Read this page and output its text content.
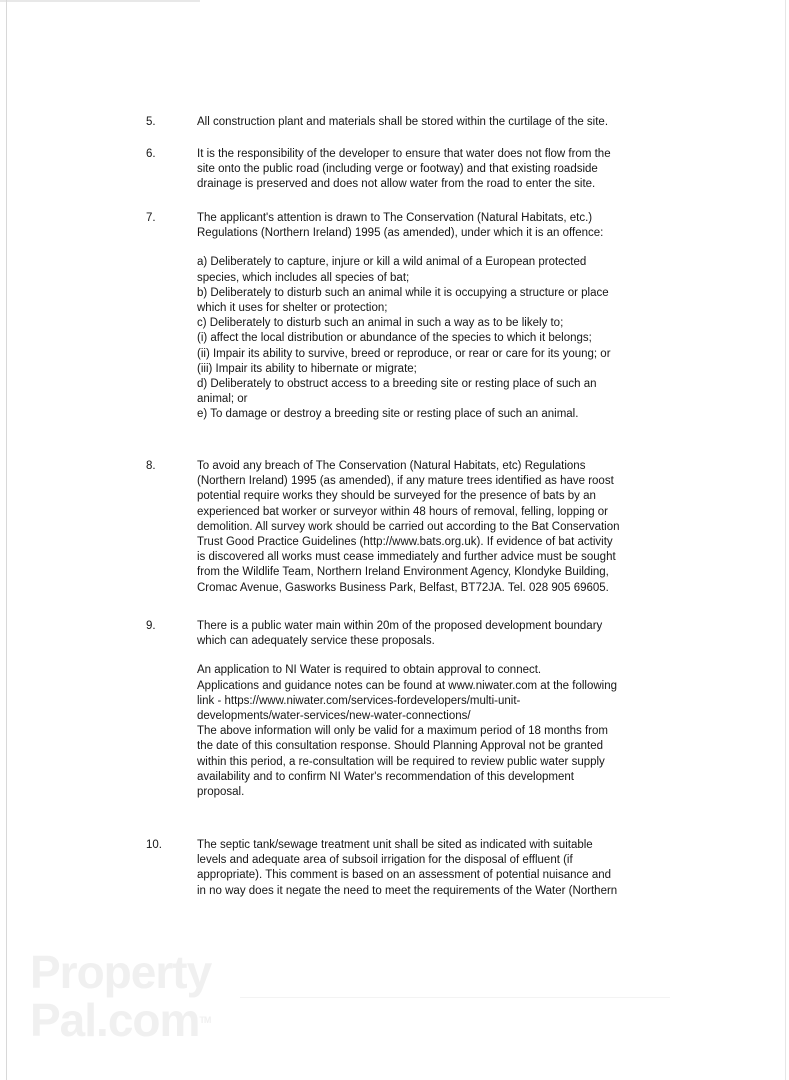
5.	All construction plant and materials shall be stored within the curtilage of the site.
6.	It is the responsibility of the developer to ensure that water does not flow from the
site onto the public road (including verge or footway) and that existing roadside
drainage is preserved and does not allow water from the road to enter the site.
7.	The applicant's attention is drawn to The Conservation (Natural Habitats, etc.)
Regulations (Northern Ireland) 1995 (as amended), under which it is an offence:
a) Deliberately to capture, injure or kill a wild animal of a European protected
species, which includes all species of bat;
b) Deliberately to disturb such an animal while it is occupying a structure or place
which it uses for shelter or protection;
c) Deliberately to disturb such an animal in such a way as to be likely to;
(i) affect the local distribution or abundance of the species to which it belongs;
(ii) Impair its ability to survive, breed or reproduce, or rear or care for its young; or
(iii) Impair its ability to hibernate or migrate;
d) Deliberately to obstruct access to a breeding site or resting place of such an
animal; or
e) To damage or destroy a breeding site or resting place of such an animal.
8.	To avoid any breach of The Conservation (Natural Habitats, etc) Regulations
(Northern Ireland) 1995 (as amended), if any mature trees identified as have roost
potential require works they should be surveyed for the presence of bats by an
experienced bat worker or surveyor within 48 hours of removal, felling, lopping or
demolition. All survey work should be carried out according to the Bat Conservation
Trust Good Practice Guidelines (http://www.bats.org.uk). If evidence of bat activity
is discovered all works must cease immediately and further advice must be sought
from the Wildlife Team, Northern Ireland Environment Agency, Klondyke Building,
Cromac Avenue, Gasworks Business Park, Belfast, BT72JA. Tel. 028 905 69605.
9.	There is a public water main within 20m of the proposed development boundary
which can adequately service these proposals.
An application to NI Water is required to obtain approval to connect.
Applications and guidance notes can be found at www.niwater.com at the following
link - https://www.niwater.com/services-fordevelopers/multi-unit-
developments/water-services/new-water-connections/
The above information will only be valid for a maximum period of 18 months from
the date of this consultation response. Should Planning Approval not be granted
within this period, a re-consultation will be required to review public water supply
availability and to confirm NI Water's recommendation of this development
proposal.
10.	The septic tank/sewage treatment unit shall be sited as indicated with suitable
levels and adequate area of subsoil irrigation for the disposal of effluent (if
appropriate). This comment is based on an assessment of potential nuisance and
in no way does it negate the need to meet the requirements of the Water (Northern
Property
Pal.com™
